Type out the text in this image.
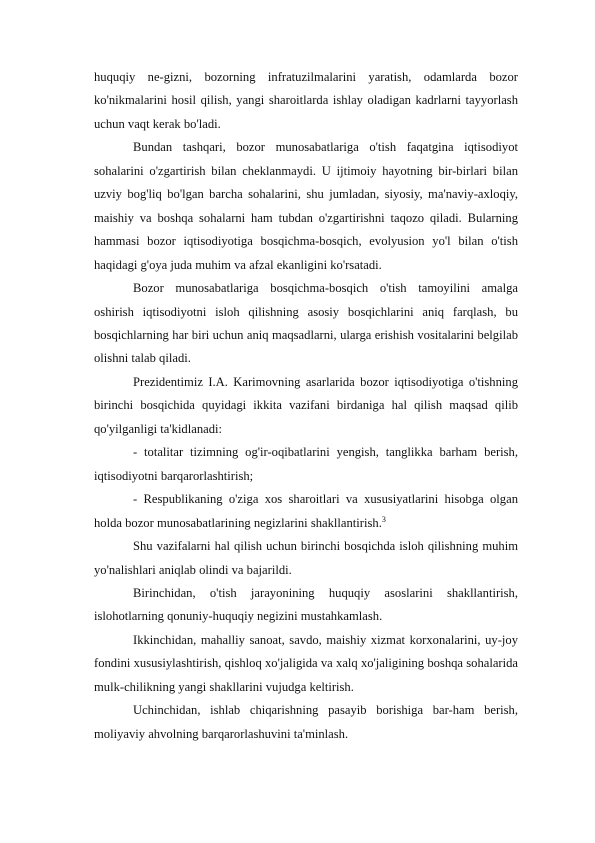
huquqiy ne-gizni, bozorning infratuzilmalarini yaratish, odamlarda bozor ko'nikmalarini hosil qilish, yangi sharoitlarda ishlay oladigan kadrlarni tayyorlash uchun vaqt kerak bo'ladi.

Bundan tashqari, bozor munosabatlariga o'tish faqatgina iqtisodiyot sohalarini o'zgartirish bilan cheklanmaydi. U ijtimoiy hayotning bir-birlari bilan uzviy bog'liq bo'lgan barcha sohalarini, shu jumladan, siyosiy, ma'naviy-axloqiy, maishiy va boshqa sohalarni ham tubdan o'zgartirishni taqozo qiladi. Bularning hammasi bozor iqtisodiyotiga bosqichma-bosqich, evolyusion yo'l bilan o'tish haqidagi g'oya juda muhim va afzal ekanligini ko'rsatadi.

Bozor munosabatlariga bosqichma-bosqich o'tish tamoyilini amalga oshirish iqtisodiyotni isloh qilishning asosiy bosqichlarini aniq farqlash, bu bosqichlarning har biri uchun aniq maqsadlarni, ularga erishish vositalarini belgilab olishni talab qiladi.

Prezidentimiz I.A. Karimovning asarlarida bozor iqtisodiyotiga o'tishning birinchi bosqichida quyidagi ikkita vazifani birdaniga hal qilish maqsad qilib qo'yilganligi ta'kidlanadi:

- totalitar tizimning og'ir-oqibatlarini yengish, tanglikka barham berish, iqtisodiyotni barqarorlashtirish;

- Respublikaning o'ziga xos sharoitlari va xususiyatlarini hisobga olgan holda bozor munosabatlarining negizlarini shakllantirish.$^3$

Shu vazifalarni hal qilish uchun birinchi bosqichda isloh qilishning muhim yo'nalishlari aniqlab olindi va bajarildi.

Birinchidan, o'tish jarayonining huquqiy asoslarini shakllantirish, islohotlarning qonuniy-huquqiy negizini mustahkamlash.

Ikkinchidan, mahalliy sanoat, savdo, maishiy xizmat korxonalarini, uy-joy fondini xususiylashtirish, qishloq xo'jaligida va xalq xo'jaligining boshqa sohalarida mulk-chilikning yangi shakllarini vujudga keltirish.

Uchinchidan, ishlab chiqarishning pasayib borishiga bar-ham berish, moliyaviy ahvolning barqarorlashuvini ta'minlash.
